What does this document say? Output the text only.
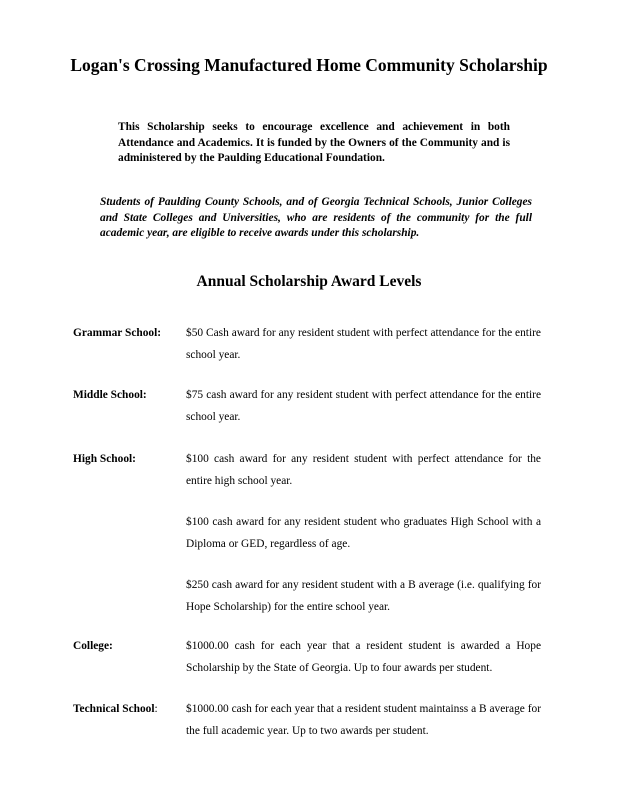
Logan's Crossing Manufactured Home Community Scholarship
This Scholarship seeks to encourage excellence and achievement in both Attendance and Academics. It is funded by the Owners of the Community and is administered by the Paulding Educational Foundation.
Students of Paulding County Schools, and of Georgia Technical Schools, Junior Colleges and State Colleges and Universities, who are residents of the community for the full academic year, are eligible to receive awards under this scholarship.
Annual Scholarship Award Levels
Grammar School:	$50 Cash award for any resident student with perfect attendance for the entire school year.
Middle School:	$75 cash award for any resident student with perfect attendance for the entire school year.
High School:	$100 cash award for any resident student with perfect attendance for the entire high school year.
$100 cash award for any resident student who graduates High School with a Diploma or GED, regardless of age.
$250 cash award for any resident student with a B average (i.e. qualifying for Hope Scholarship) for the entire school year.
College:	$1000.00 cash for each year that a resident student is awarded a Hope Scholarship by the State of Georgia. Up to four awards per student.
Technical School:	$1000.00 cash for each year that a resident student maintainss a B average for the full academic year. Up to two awards per student.
